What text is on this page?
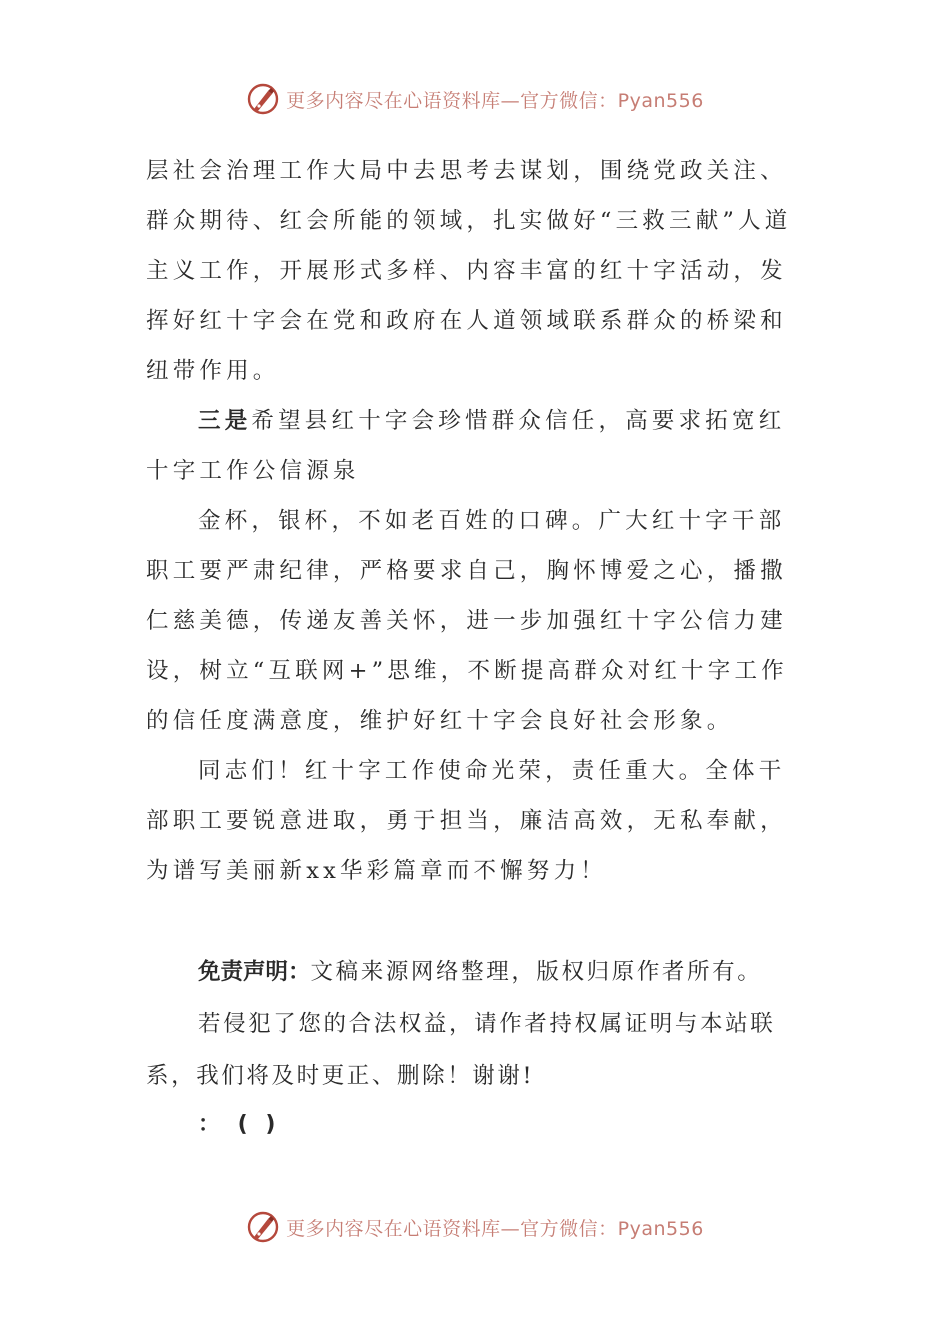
更多内容尽在心语资料库—官方微信：Pyan556

层社会治理工作大局中去思考去谋划，围绕党政关注、群众期待、红会所能的领域，扎实做好“三救三献”人道主义工作，开展形式多样、内容丰富的红十字活动，发挥好红十字会在党和政府在人道领域联系群众的桥梁和纽带作用。

三是希望县红十字会珍惜群众信任，高要求拓宽红十字工作公信源泉

金杯，银杯，不如老百姓的口碑。广大红十字干部职工要严肃纪律，严格要求自己，胸怀博爱之心，播撒仁慈美德，传递友善关怀，进一步加强红十字公信力建设，树立“互联网+”思维，不断提高群众对红十字工作的信任度满意度，维护好红十字会良好社会形象。

同志们！红十字工作使命光荣，责任重大。全体干部职工要锐意进取，勇于担当，廉洁高效，无私奉献，为谱写美丽新xx华彩篇章而不懈努力！

免责声明：文稿来源网络整理，版权归原作者所有。

若侵犯了您的合法权益，请作者持权属证明与本站联系，我们将及时更正、删除！谢谢!

： ( )

更多内容尽在心语资料库—官方微信：Pyan556
